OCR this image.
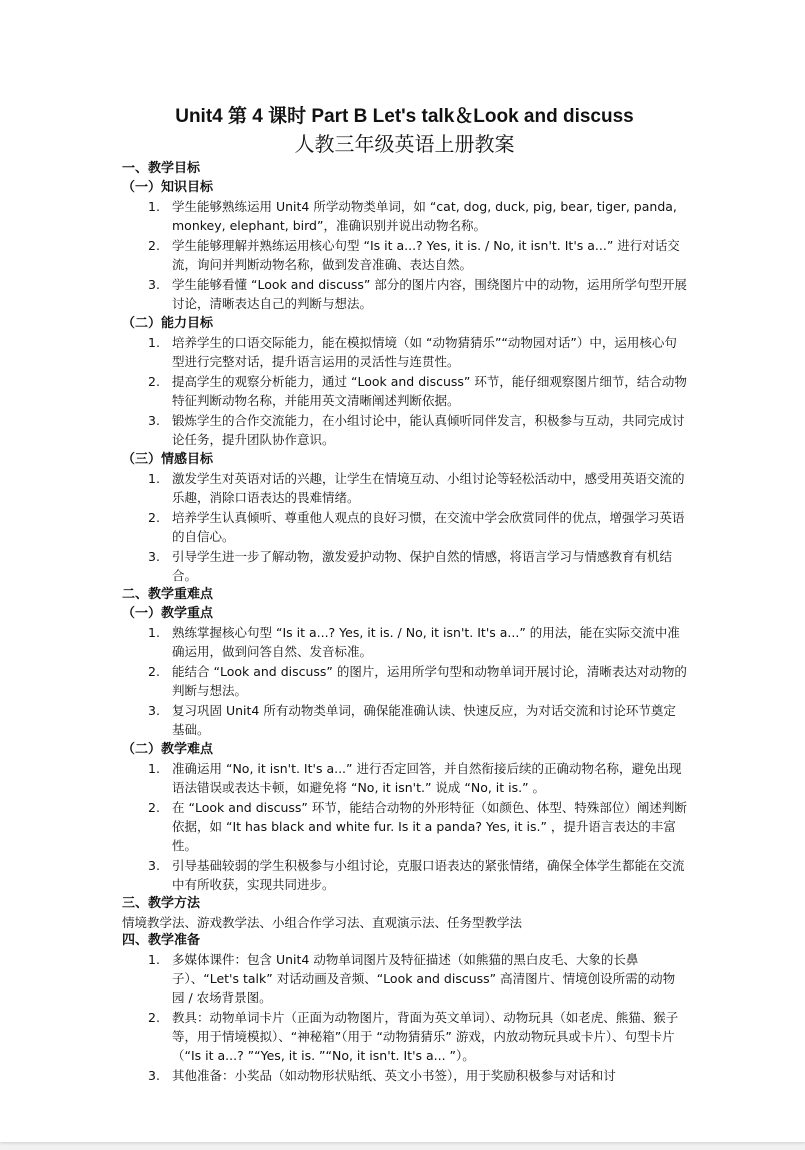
Unit4 第 4 课时 Part B Let's talk＆Look and discuss

人教三年级英语上册教案

一、教学目标

（一）知识目标

1. 学生能够熟练运用 Unit4 所学动物类单词，如 “cat, dog, duck, pig, bear, tiger, panda, monkey, elephant, bird”，准确识别并说出动物名称。
2. 学生能够理解并熟练运用核心句型 “Is it a...? Yes, it is. / No, it isn't. It's a...” 进行对话交流，询问并判断动物名称，做到发音准确、表达自然。
3. 学生能够看懂 “Look and discuss” 部分的图片内容，围绕图片中的动物，运用所学句型开展讨论，清晰表达自己的判断与想法。

（二）能力目标

1. 培养学生的口语交际能力，能在模拟情境（如 “动物猜猜乐”“动物园对话”）中，运用核心句型进行完整对话，提升语言运用的灵活性与连贯性。
2. 提高学生的观察分析能力，通过 “Look and discuss” 环节，能仔细观察图片细节，结合动物特征判断动物名称，并能用英文清晰阐述判断依据。
3. 锻炼学生的合作交流能力，在小组讨论中，能认真倾听同伴发言，积极参与互动，共同完成讨论任务，提升团队协作意识。

（三）情感目标

1. 激发学生对英语对话的兴趣，让学生在情境互动、小组讨论等轻松活动中，感受用英语交流的乐趣，消除口语表达的畏难情绪。
2. 培养学生认真倾听、尊重他人观点的良好习惯，在交流中学会欣赏同伴的优点，增强学习英语的自信心。
3. 引导学生进一步了解动物，激发爱护动物、保护自然的情感，将语言学习与情感教育有机结合。

二、教学重难点

（一）教学重点

1. 熟练掌握核心句型 “Is it a...? Yes, it is. / No, it isn't. It's a...” 的用法，能在实际交流中准确运用，做到问答自然、发音标准。
2. 能结合 “Look and discuss” 的图片，运用所学句型和动物单词开展讨论，清晰表达对动物的判断与想法。
3. 复习巩固 Unit4 所有动物类单词，确保能准确认读、快速反应，为对话交流和讨论环节奠定基础。

（二）教学难点

1. 准确运用 “No, it isn't. It's a...” 进行否定回答，并自然衔接后续的正确动物名称，避免出现语法错误或表达卡顿，如避免将 “No, it isn't.” 说成 “No, it is.” 。
2. 在 “Look and discuss” 环节，能结合动物的外形特征（如颜色、体型、特殊部位）阐述判断依据，如 “It has black and white fur. Is it a panda? Yes, it is.” ，提升语言表达的丰富性。
3. 引导基础较弱的学生积极参与小组讨论，克服口语表达的紧张情绪，确保全体学生都能在交流中有所收获，实现共同进步。

三、教学方法

情境教学法、游戏教学法、小组合作学习法、直观演示法、任务型教学法

四、教学准备

1. 多媒体课件：包含 Unit4 动物单词图片及特征描述（如熊猫的黑白皮毛、大象的长鼻子）、“Let's talk” 对话动画及音频、“Look and discuss” 高清图片、情境创设所需的动物园 / 农场背景图。
2. 教具：动物单词卡片（正面为动物图片，背面为英文单词）、动物玩具（如老虎、熊猫、猴子等，用于情境模拟）、“神秘箱”（用于 “动物猜猜乐” 游戏，内放动物玩具或卡片）、句型卡片（“Is it a...? ”“Yes, it is. ”“No, it isn't. It's a... ”）。
3. 其他准备：小奖品（如动物形状贴纸、英文小书签），用于奖励积极参与对话和讨
